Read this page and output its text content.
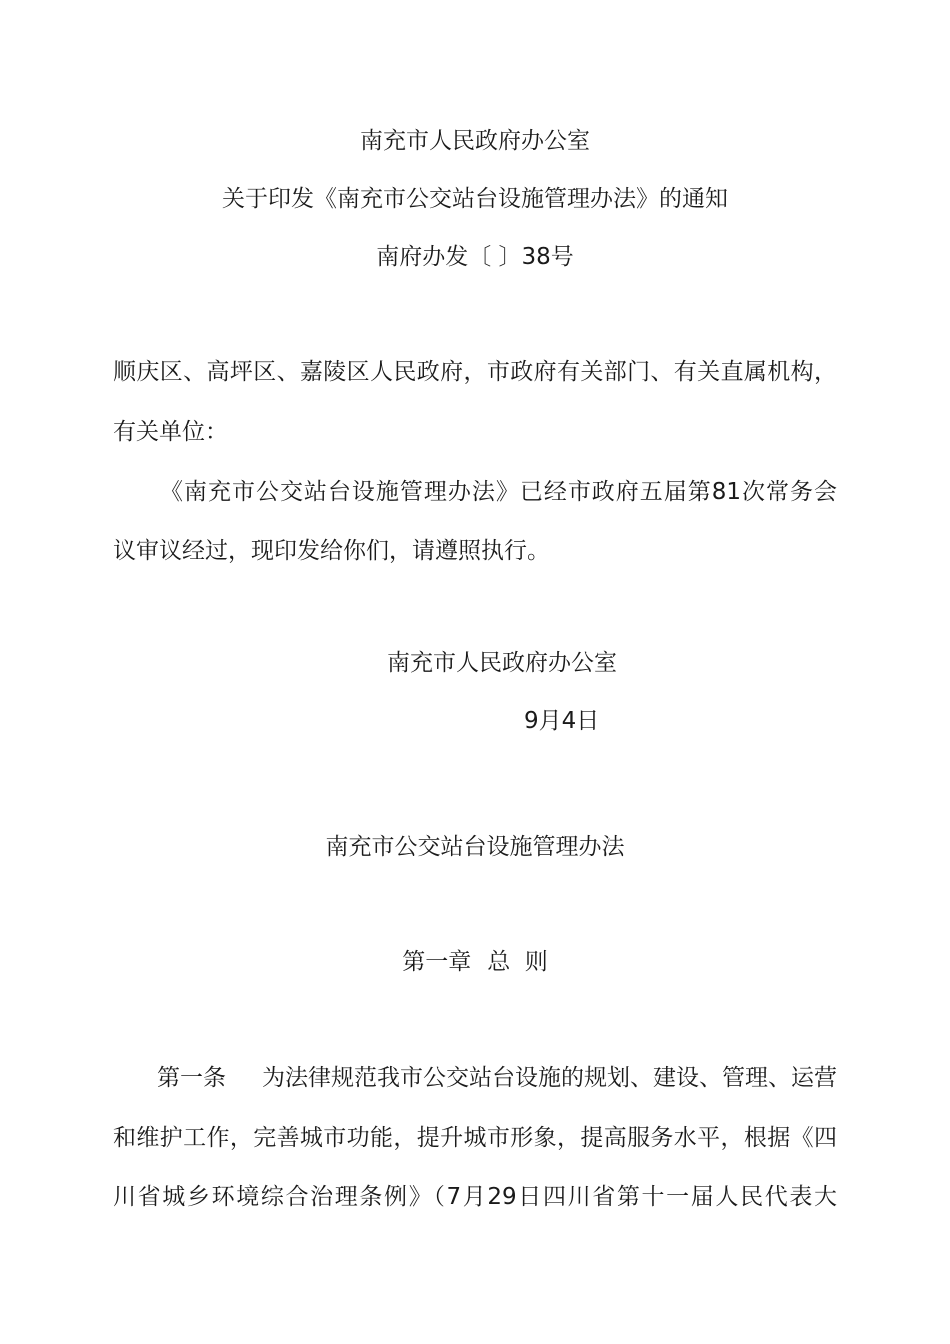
南充市人民政府办公室
关于印发《南充市公交站台设施管理办法》的通知
南府办发〔 〕38号
顺庆区、高坪区、嘉陵区人民政府，市政府有关部门、有关直属机构，
有关单位：
《南充市公交站台设施管理办法》已经市政府五届第81次常务会
议审议经过，现印发给你们，请遵照执行。
南充市人民政府办公室
9月4日
南充市公交站台设施管理办法
第一章 总  则
第一条 为法律规范我市公交站台设施的规划、建设、管理、运营
和维护工作，完善城市功能，提升城市形象，提高服务水平，根据《四
川省城乡环境综合治理条例》（7月29日四川省第十一届人民代表大
